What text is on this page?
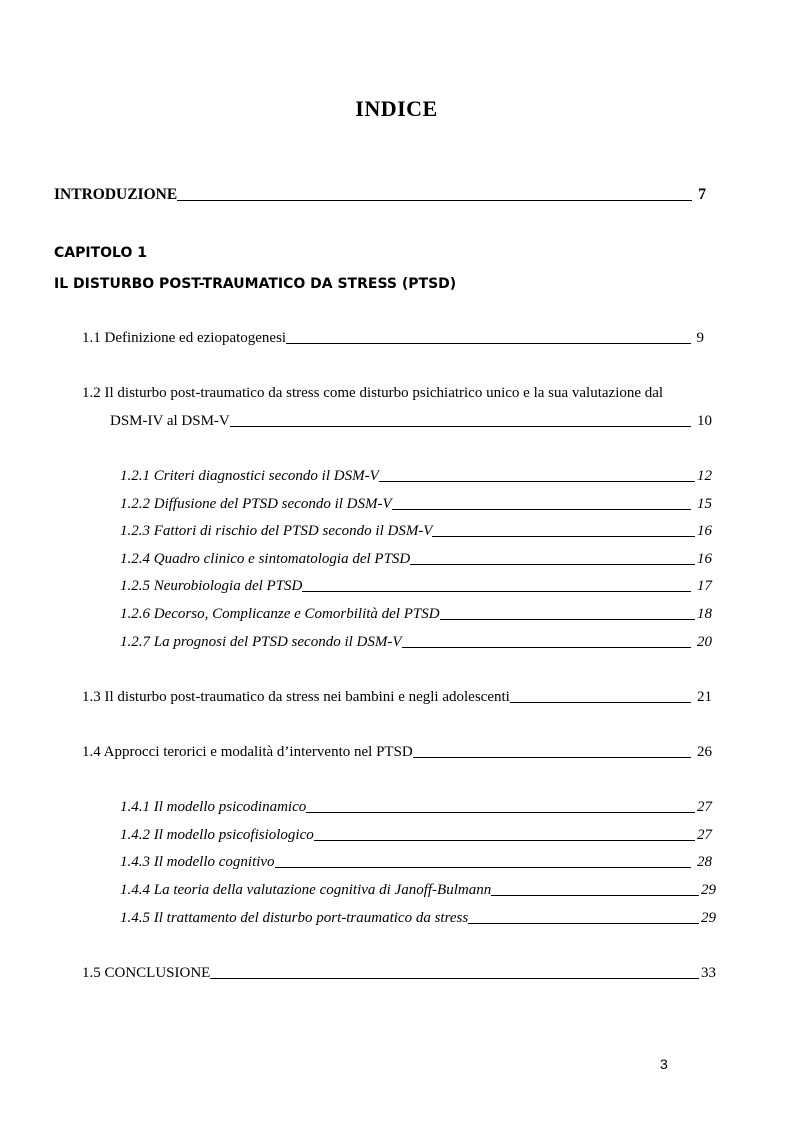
INDICE
INTRODUZIONE	7
CAPITOLO 1
IL DISTURBO POST-TRAUMATICO DA STRESS (PTSD)
1.1 Definizione ed eziopatogenesi	9
1.2 Il disturbo post-traumatico da stress come disturbo psichiatrico unico e la sua valutazione dal
DSM-IV al DSM-V	10
1.2.1 Criteri diagnostici secondo il DSM-V	12
1.2.2 Diffusione del PTSD secondo il DSM-V	15
1.2.3 Fattori di rischio del PTSD secondo il DSM-V	16
1.2.4 Quadro clinico e sintomatologia del PTSD	16
1.2.5 Neurobiologia del PTSD	17
1.2.6 Decorso, Complicanze e Comorbilità del PTSD	18
1.2.7 La prognosi del PTSD secondo il DSM-V	20
1.3 Il disturbo post-traumatico da stress nei bambini e negli adolescenti	21
1.4 Approcci terorici e modalità d’intervento nel PTSD	26
1.4.1 Il modello psicodinamico	27
1.4.2 Il modello psicofisiologico	27
1.4.3 Il modello cognitivo	28
1.4.4 La teoria della valutazione cognitiva di Janoff-Bulmann	29
1.4.5 Il trattamento del disturbo port-traumatico da stress	29
1.5 CONCLUSIONE	33
3
